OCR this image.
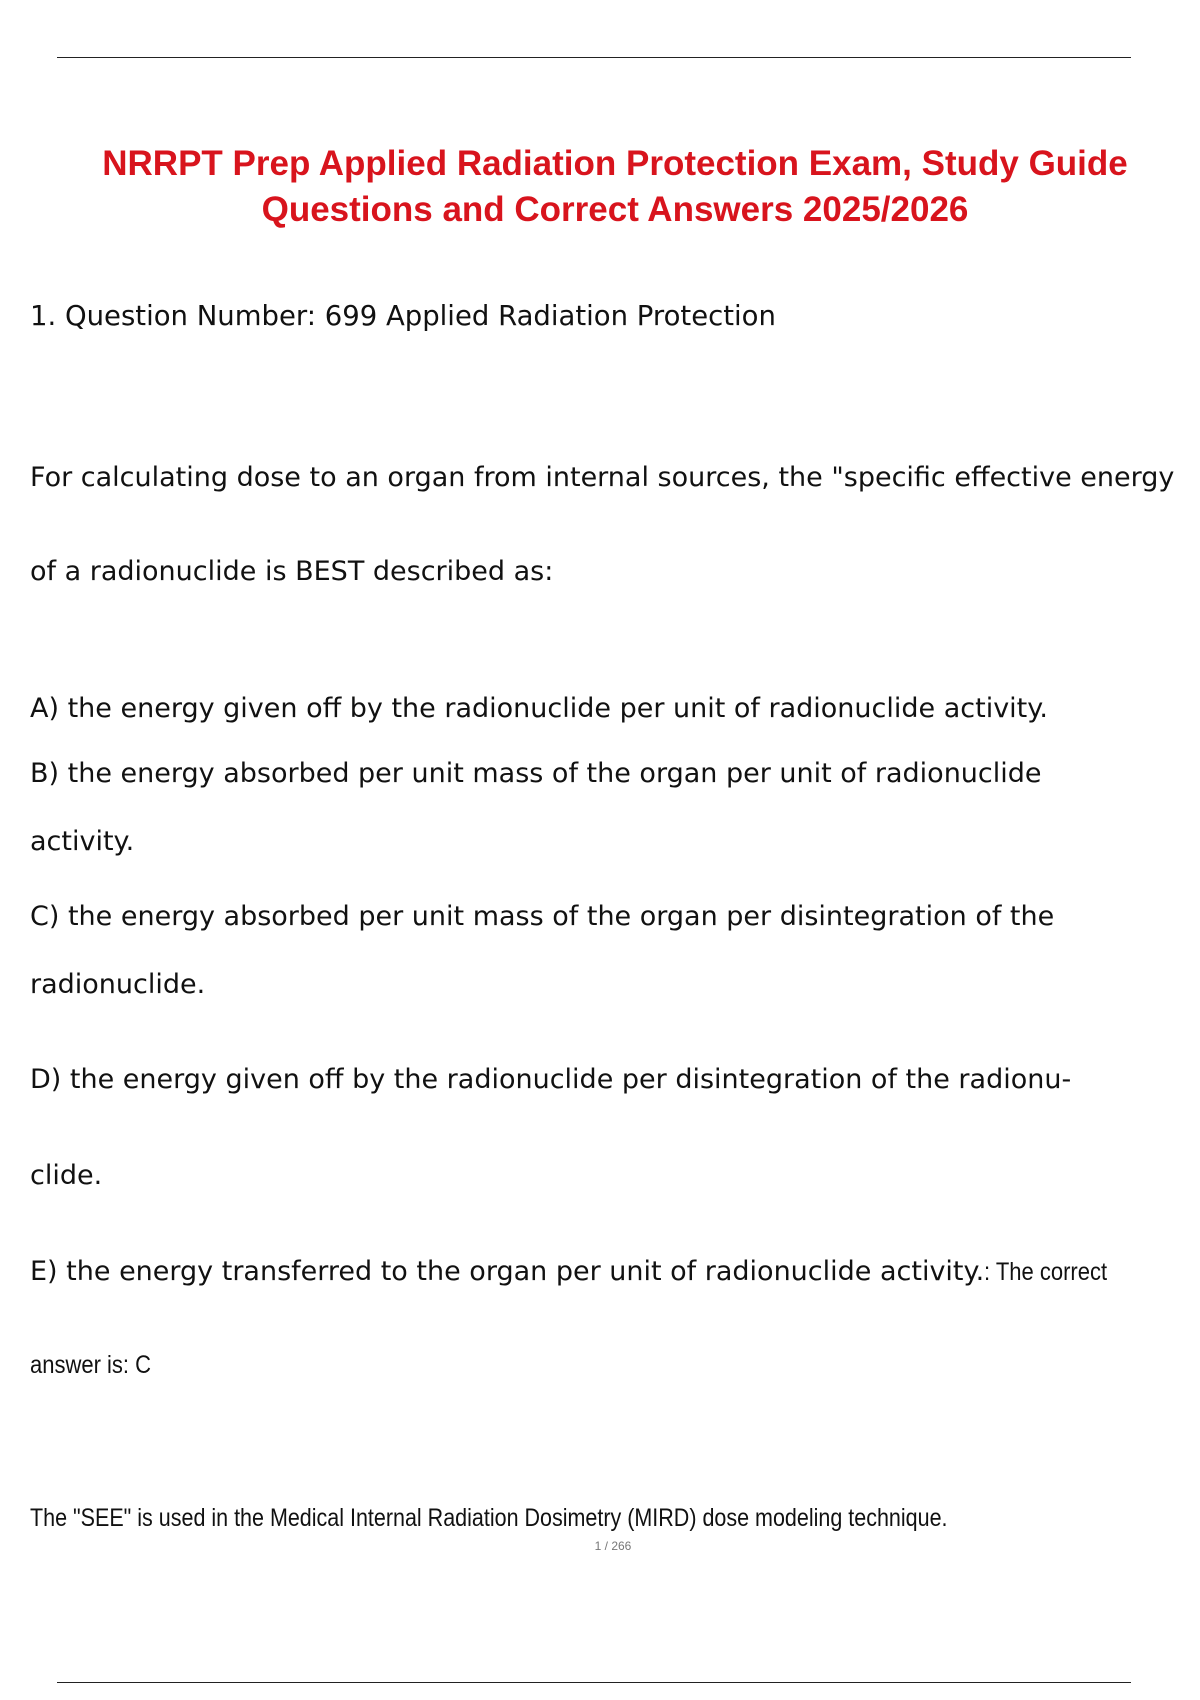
NRRPT Prep Applied Radiation Protection Exam, Study Guide
Questions and Correct Answers 2025/2026

1. Question Number: 699 Applied Radiation Protection

For calculating dose to an organ from internal sources, the "specific effective energy

of a radionuclide is BEST described as:

A) the energy given off by the radionuclide per unit of radionuclide activity.

B) the energy absorbed per unit mass of the organ per unit of radionuclide

activity.

C) the energy absorbed per unit mass of the organ per disintegration of the

radionuclide.

D) the energy given off by the radionuclide per disintegration of the radionu-

clide.

E) the energy transferred to the organ per unit of radionuclide activity.: The correct

answer is: C

The "SEE" is used in the Medical Internal Radiation Dosimetry (MIRD) dose modeling technique.

1 / 266
